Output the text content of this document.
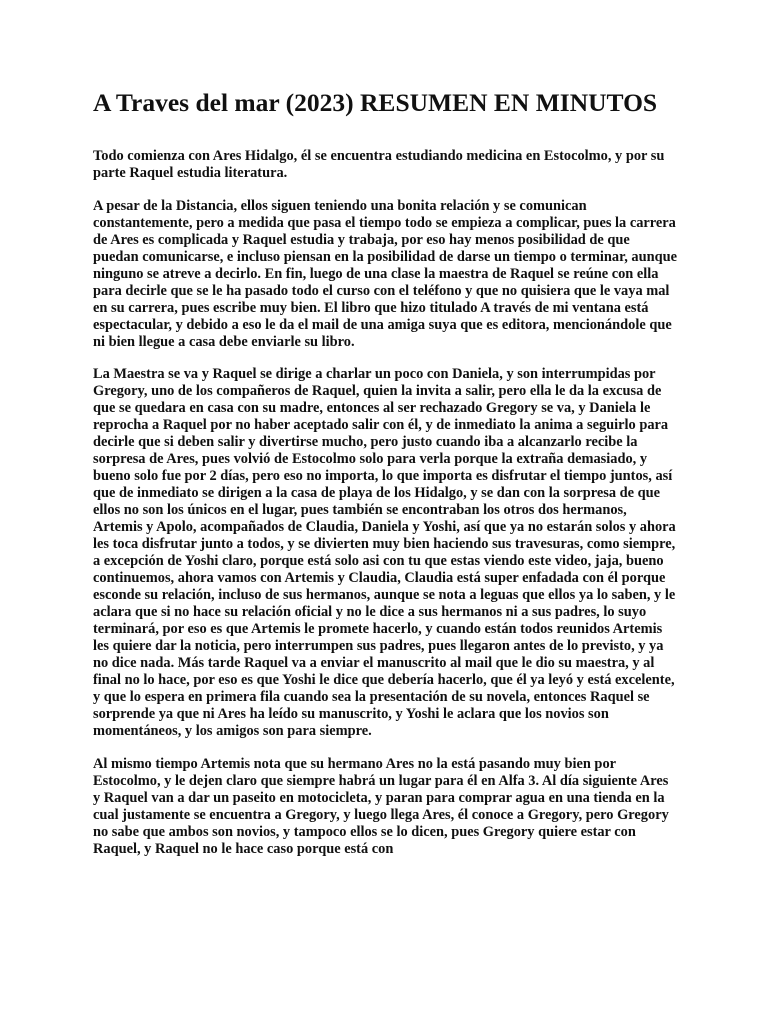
A Traves del mar (2023) RESUMEN EN MINUTOS

Todo comienza con Ares Hidalgo, él se encuentra estudiando medicina en Estocolmo, y por su parte Raquel estudia literatura.

A pesar de la Distancia, ellos siguen teniendo una bonita relación y se comunican constantemente, pero a medida que pasa el tiempo todo se empieza a complicar, pues la carrera de Ares es complicada y Raquel estudia y trabaja, por eso hay menos posibilidad de que puedan comunicarse, e incluso piensan en la posibilidad de darse un tiempo o terminar, aunque ninguno se atreve a decirlo. En fin, luego de una clase la maestra de Raquel se reúne con ella para decirle que se le ha pasado todo el curso con el teléfono y que no quisiera que le vaya mal en su carrera, pues escribe muy bien. El libro que hizo titulado A través de mi ventana está espectacular, y debido a eso le da el mail de una amiga suya que es editora, mencionándole que ni bien llegue a casa debe enviarle su libro.

La Maestra se va y Raquel se dirige a charlar un poco con Daniela, y son interrumpidas por Gregory, uno de los compañeros de Raquel, quien la invita a salir, pero ella le da la excusa de que se quedara en casa con su madre, entonces al ser rechazado Gregory se va, y Daniela le reprocha a Raquel por no haber aceptado salir con él, y de inmediato la anima a seguirlo para decirle que si deben salir y divertirse mucho, pero justo cuando iba a alcanzarlo recibe la sorpresa de Ares, pues volvió de Estocolmo solo para verla porque la extraña demasiado, y bueno solo fue por 2 días, pero eso no importa, lo que importa es disfrutar el tiempo juntos, así que de inmediato se dirigen a la casa de playa de los Hidalgo, y se dan con la sorpresa de que ellos no son los únicos en el lugar, pues también se encontraban los otros dos hermanos, Artemis y Apolo, acompañados de Claudia, Daniela y Yoshi, así que ya no estarán solos y ahora les toca disfrutar junto a todos, y se divierten muy bien haciendo sus travesuras, como siempre, a excepción de Yoshi claro, porque está solo asi con tu que estas viendo este video, jaja, bueno continuemos, ahora vamos con Artemis y Claudia, Claudia está super enfadada con él porque esconde su relación, incluso de sus hermanos, aunque se nota a leguas que ellos ya lo saben, y le aclara que si no hace su relación oficial y no le dice a sus hermanos ni a sus padres, lo suyo terminará, por eso es que Artemis le promete hacerlo, y cuando están todos reunidos Artemis les quiere dar la noticia, pero interrumpen sus padres, pues llegaron antes de lo previsto, y ya no dice nada. Más tarde Raquel va a enviar el manuscrito al mail que le dio su maestra, y al final no lo hace, por eso es que Yoshi le dice que debería hacerlo, que él ya leyó y está excelente, y que lo espera en primera fila cuando sea la presentación de su novela, entonces Raquel se sorprende ya que ni Ares ha leído su manuscrito, y Yoshi le aclara que los novios son momentáneos, y los amigos son para siempre.

Al mismo tiempo Artemis nota que su hermano Ares no la está pasando muy bien por Estocolmo, y le dejen claro que siempre habrá un lugar para él en Alfa 3. Al día siguiente Ares y Raquel van a dar un paseito en motocicleta, y paran para comprar agua en una tienda en la cual justamente se encuentra a Gregory, y luego llega Ares, él conoce a Gregory, pero Gregory no sabe que ambos son novios, y tampoco ellos se lo dicen, pues Gregory quiere estar con Raquel, y Raquel no le hace caso porque está con
